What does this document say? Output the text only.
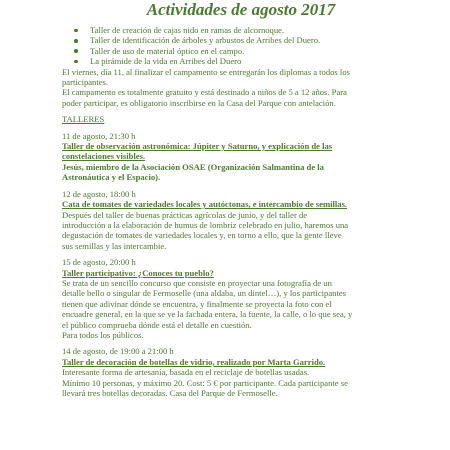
Actividades de agosto 2017
Taller de creación de cajas nido en ramas de alcornoque.
Taller de identificación de árboles y arbustos de Arribes del Duero.
Taller de uso de material óptico en el campo.
La pirámide de la vida en Arribes del Duero

El viernes, día 11, al finalizar el campamento se entregarán los diplomas a todos los

participantes.

El campamento es totalmente gratuito y está destinado a niños de 5 a 12 años. Para

poder participar, es obligatorio inscribirse en la Casa del Parque con antelación.

TALLERES

11 de agosto, 21:30 h

Taller de observación astronómica: Júpiter y Saturno, y explicación de las

constelaciones visibles.

Jesús, miembro de la Asociación OSAE (Organización Salmantina de la

Astronáutica y el Espacio).

12 de agosto, 18:00 h

Cata de tomates de variedades locales y autóctonas, e intercambio de semillas.

Después del taller de buenas prácticas agrícolas de junio, y del taller de

introducción a la elaboración de humus de lombriz celebrado en julio, haremos una

degustación de tomates de variedades locales y, en torno a ello, que la gente lleve

sus semillas y las intercambie.

15 de agosto, 20:00 h

Taller participativo: ¿Conoces tu pueblo?

Se trata de un sencillo concurso que consiste en proyectar una fotografía de un

detalle bello o singular de Fermoselle (una aldaba, un dintel…), y los participantes

tienen que adivinar dónde se encuentra, y finalmente se proyecta la foto con el

encuadre general, en la que se ve la fachada entera, la fuente, la calle, o lo que sea, y

el público comprueba dónde está el detalle en cuestión.

Para todos los públicos.

14 de agosto, de 19:00 a 21:00 h

Taller de decoración de botellas de vidrio, realizado por Marta Garrido.

Interesante forma de artesanía, basada en el reciclaje de botellas usadas.

Mínimo 10 personas, y máximo 20. Cost: 5 € por participante. Cada participante se

llevará tres botellas decoradas. Casa del Parque de Fermoselle.
